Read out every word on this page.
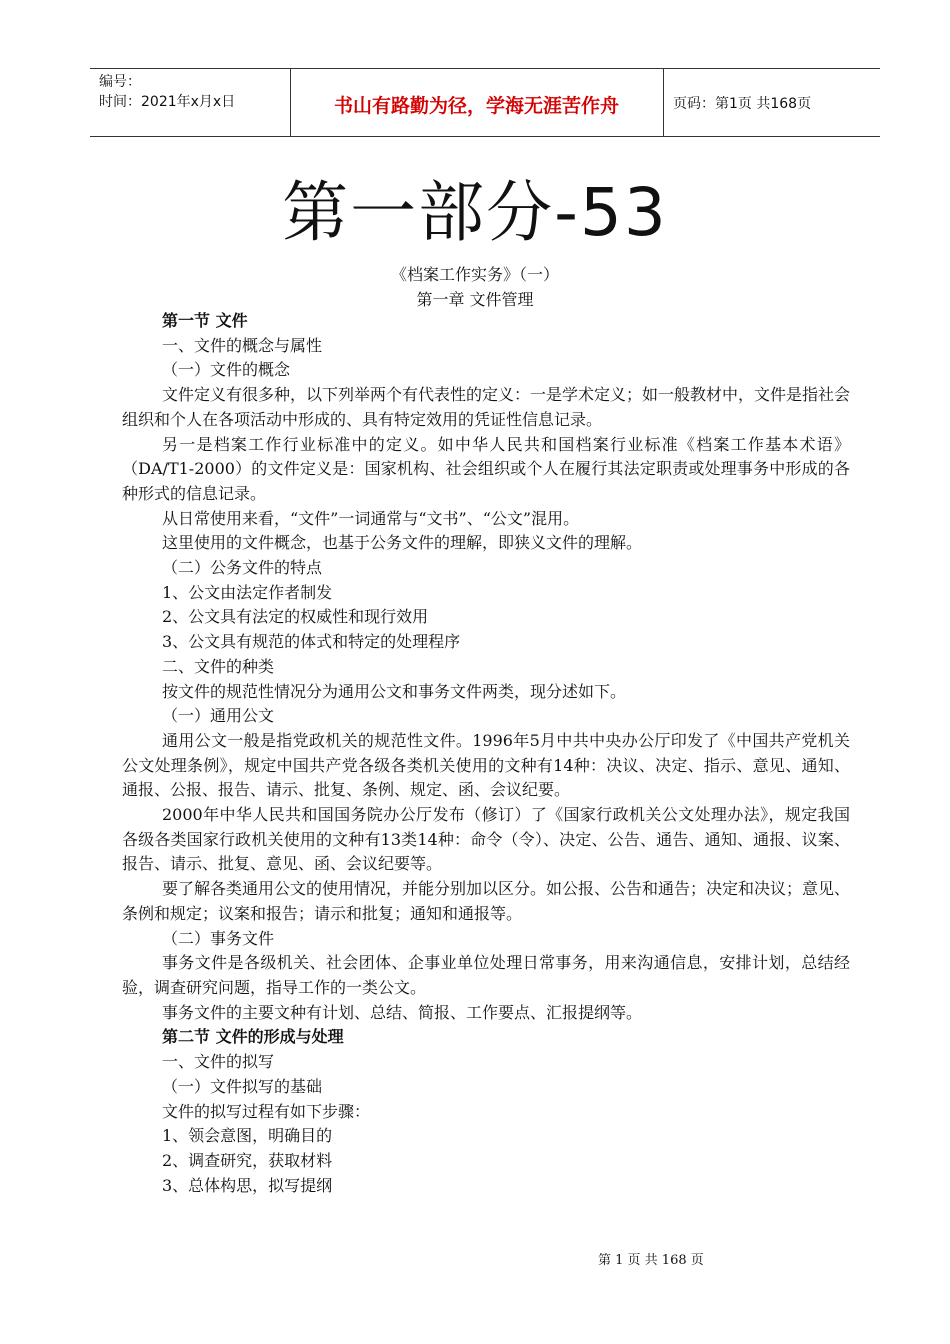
编号：
时间：2021年x月x日	书山有路勤为径，学海无涯苦作舟	页码：第1页 共168页
第一部分-53
《档案工作实务》（一）
第一章 文件管理

第一节 文件

一、文件的概念与属性

（一）文件的概念

文件定义有很多种，以下列举两个有代表性的定义：一是学术定义；如一般教材中，文件是指社会组织和个人在各项活动中形成的、具有特定效用的凭证性信息记录。

另一是档案工作行业标准中的定义。如中华人民共和国档案行业标准《档案工作基本术语》（DA/T1-2000）的文件定义是：国家机构、社会组织或个人在履行其法定职责或处理事务中形成的各种形式的信息记录。

从日常使用来看，“文件”一词通常与“文书”、“公文”混用。

这里使用的文件概念，也基于公务文件的理解，即狭义文件的理解。

（二）公务文件的特点

1、公文由法定作者制发

2、公文具有法定的权威性和现行效用

3、公文具有规范的体式和特定的处理程序

二、文件的种类

按文件的规范性情况分为通用公文和事务文件两类，现分述如下。

（一）通用公文

通用公文一般是指党政机关的规范性文件。1996年5月中共中央办公厅印发了《中国共产党机关公文处理条例》，规定中国共产党各级各类机关使用的文种有14种：决议、决定、指示、意见、通知、通报、公报、报告、请示、批复、条例、规定、函、会议纪要。

2000年中华人民共和国国务院办公厅发布（修订）了《国家行政机关公文处理办法》，规定我国各级各类国家行政机关使用的文种有13类14种：命令（令）、决定、公告、通告、通知、通报、议案、报告、请示、批复、意见、函、会议纪要等。

要了解各类通用公文的使用情况，并能分别加以区分。如公报、公告和通告；决定和决议；意见、条例和规定；议案和报告；请示和批复；通知和通报等。

（二）事务文件

事务文件是各级机关、社会团体、企事业单位处理日常事务，用来沟通信息，安排计划，总结经验，调查研究问题，指导工作的一类公文。

事务文件的主要文种有计划、总结、简报、工作要点、汇报提纲等。

第二节 文件的形成与处理

一、文件的拟写

（一）文件拟写的基础

文件的拟写过程有如下步骤：

1、领会意图，明确目的

2、调查研究，获取材料

3、总体构思，拟写提纲

第 1 页 共 168 页
